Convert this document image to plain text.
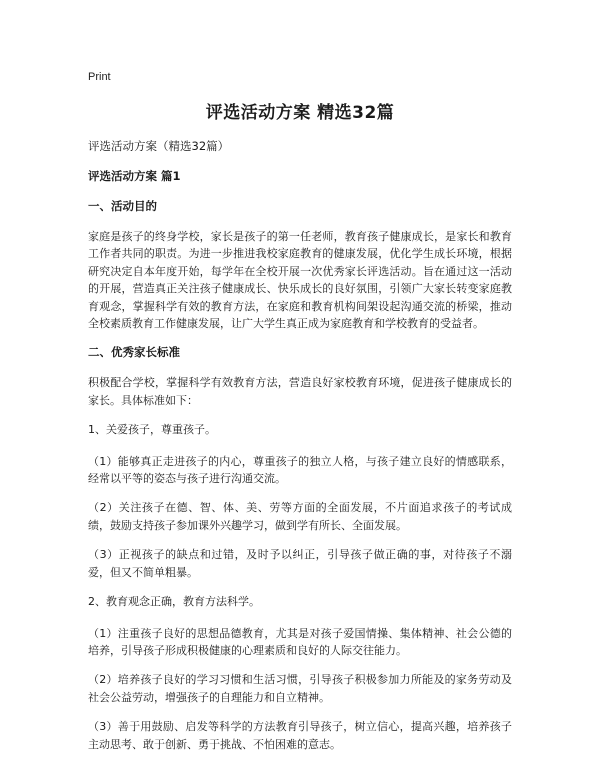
Print
评选活动方案 精选32篇
评选活动方案（精选32篇）
评选活动方案 篇1
一、活动目的
家庭是孩子的终身学校，家长是孩子的第一任老师，教育孩子健康成长，是家长和教育工作者共同的职责。为进一步推进我校家庭教育的健康发展，优化学生成长环境，根据研究决定自本年度开始，每学年在全校开展一次优秀家长评选活动。旨在通过这一活动的开展，营造真正关注孩子健康成长、快乐成长的良好氛围，引领广大家长转变家庭教育观念，掌握科学有效的教育方法，在家庭和教育机构间架设起沟通交流的桥梁，推动全校素质教育工作健康发展，让广大学生真正成为家庭教育和学校教育的受益者。
二、优秀家长标准
积极配合学校，掌握科学有效教育方法，营造良好家校教育环境，促进孩子健康成长的家长。具体标准如下：
1、关爱孩子，尊重孩子。
（1）能够真正走进孩子的内心，尊重孩子的独立人格，与孩子建立良好的情感联系，经常以平等的姿态与孩子进行沟通交流。
（2）关注孩子在德、智、体、美、劳等方面的全面发展，不片面追求孩子的考试成绩，鼓励支持孩子参加课外兴趣学习，做到学有所长、全面发展。
（3）正视孩子的缺点和过错，及时予以纠正，引导孩子做正确的事，对待孩子不溺爱，但又不简单粗暴。
2、教育观念正确，教育方法科学。
（1）注重孩子良好的思想品德教育，尤其是对孩子爱国情操、集体精神、社会公德的培养，引导孩子形成积极健康的心理素质和良好的人际交往能力。
（2）培养孩子良好的学习习惯和生活习惯，引导孩子积极参加力所能及的家务劳动及社会公益劳动，增强孩子的自理能力和自立精神。
（3）善于用鼓励、启发等科学的方法教育引导孩子，树立信心，提高兴趣，培养孩子主动思考、敢于创新、勇于挑战、不怕困难的意志。
